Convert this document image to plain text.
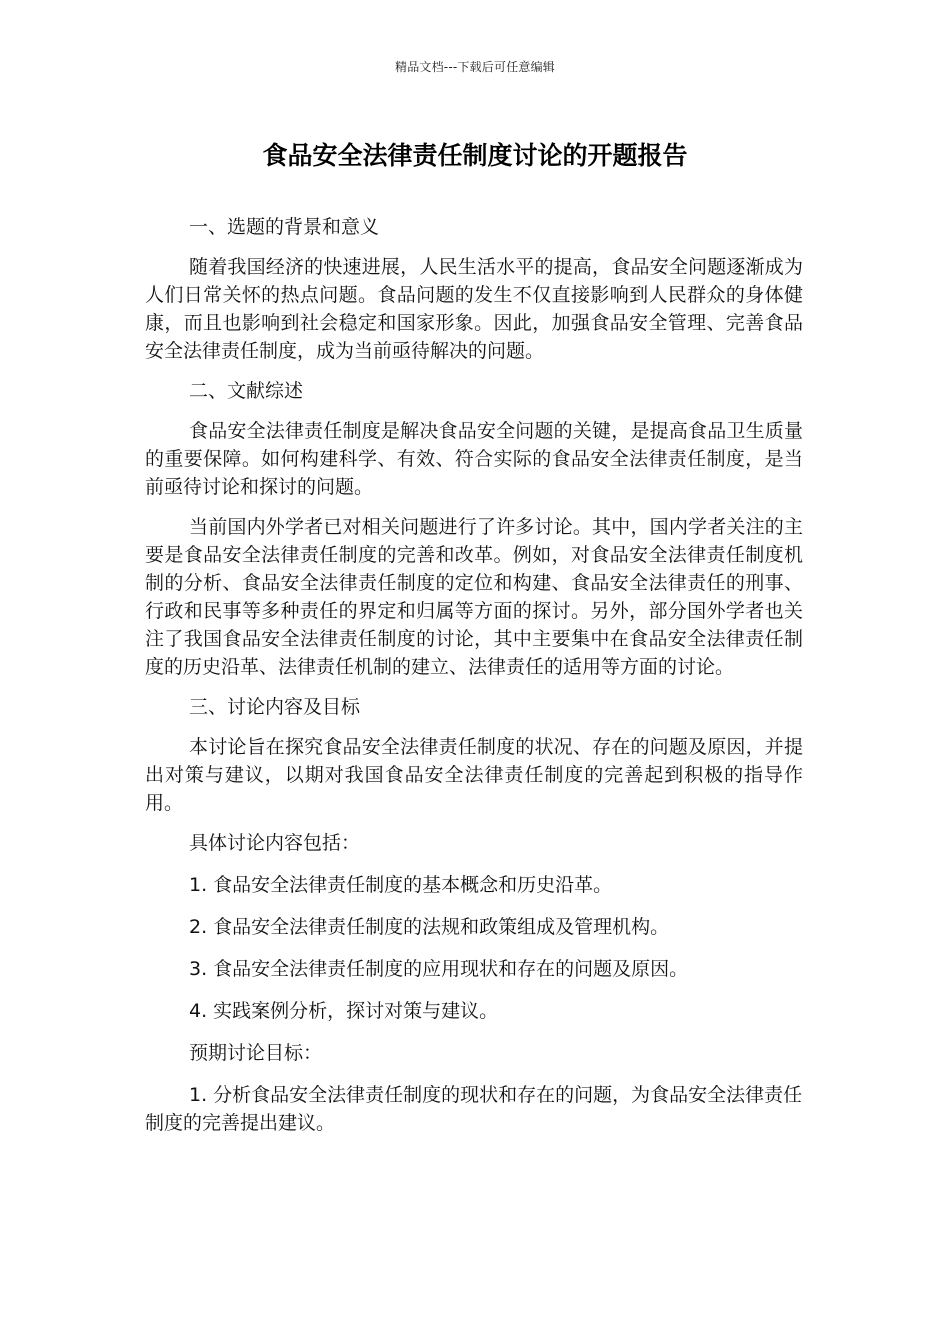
精品文档---下载后可任意编辑
食品安全法律责任制度讨论的开题报告

一、选题的背景和意义

随着我国经济的快速进展，人民生活水平的提高，食品安全问题逐渐成为人们日常关怀的热点问题。食品问题的发生不仅直接影响到人民群众的身体健康，而且也影响到社会稳定和国家形象。因此，加强食品安全管理、完善食品安全法律责任制度，成为当前亟待解决的问题。

二、文献综述

食品安全法律责任制度是解决食品安全问题的关键，是提高食品卫生质量的重要保障。如何构建科学、有效、符合实际的食品安全法律责任制度，是当前亟待讨论和探讨的问题。

当前国内外学者已对相关问题进行了许多讨论。其中，国内学者关注的主要是食品安全法律责任制度的完善和改革。例如，对食品安全法律责任制度机制的分析、食品安全法律责任制度的定位和构建、食品安全法律责任的刑事、行政和民事等多种责任的界定和归属等方面的探讨。另外，部分国外学者也关注了我国食品安全法律责任制度的讨论，其中主要集中在食品安全法律责任制度的历史沿革、法律责任机制的建立、法律责任的适用等方面的讨论。

三、讨论内容及目标

本讨论旨在探究食品安全法律责任制度的状况、存在的问题及原因，并提出对策与建议，以期对我国食品安全法律责任制度的完善起到积极的指导作用。

具体讨论内容包括：

1. 食品安全法律责任制度的基本概念和历史沿革。

2. 食品安全法律责任制度的法规和政策组成及管理机构。

3. 食品安全法律责任制度的应用现状和存在的问题及原因。

4. 实践案例分析，探讨对策与建议。

预期讨论目标：

1. 分析食品安全法律责任制度的现状和存在的问题，为食品安全法律责任制度的完善提出建议。
